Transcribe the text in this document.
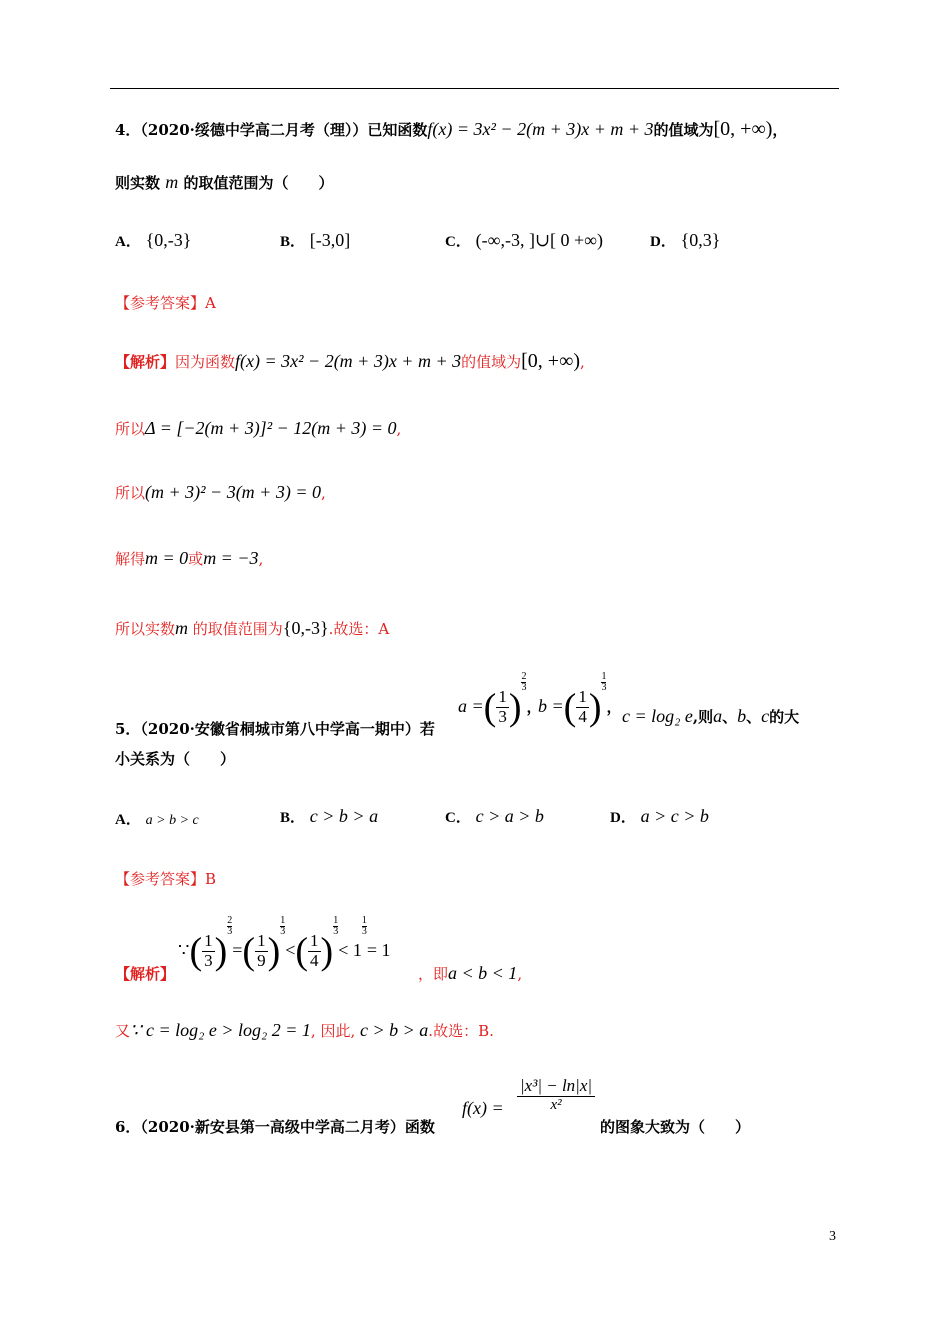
4．（2020·绥德中学高二月考（理））已知函数f(x) = 3x² − 2(m + 3)x + m + 3的值域为[0, +∞)，
则实数 m 的取值范围为（　　）
A． {0,-3}	B． [-3,0]	C． (-∞,-3, ]∪[ 0 +∞)	D． {0,3}
【参考答案】A
【解析】因为函数f(x) = 3x² − 2(m + 3)x + m + 3的值域为[0, +∞),
所以Δ = [−2(m + 3)]² − 12(m + 3) = 0,
所以(m + 3)² − 3(m + 3) = 0,
解得m = 0或m = −3,
所以实数m 的取值范围为{0,-3}.故选：A
5．（2020·安徽省桐城市第八中学高一期中）若
a =( $\frac{1}{3}$ )
$\frac{2}{3}$
，
b =( $\frac{1}{4}$ )
$\frac{1}{3}$
， c = log₂ e,则a、b、c的大
小关系为（　　）
A． a > b > c	B． c > b > a	C． c > a > b	D． a > c > b
【参考答案】B
【解析】
∵( $\frac{1}{3}$ )
$\frac{2}{3}$
=( $\frac{1}{9}$ )
$\frac{1}{3}$
<( $\frac{1}{4}$ )
$\frac{1}{3}$
< 1
$\frac{1}{3}$
= 1
，即a < b < 1,
又∵ c = log₂ e > log₂ 2 = 1, 因此, c > b > a.故选：B.
6．（2020·新安县第一高级中学高二月考）函数
$f(x) = \frac{\text{|x³| − ln|x|}}{\text{x²}}$
的图象大致为（　　）
3
